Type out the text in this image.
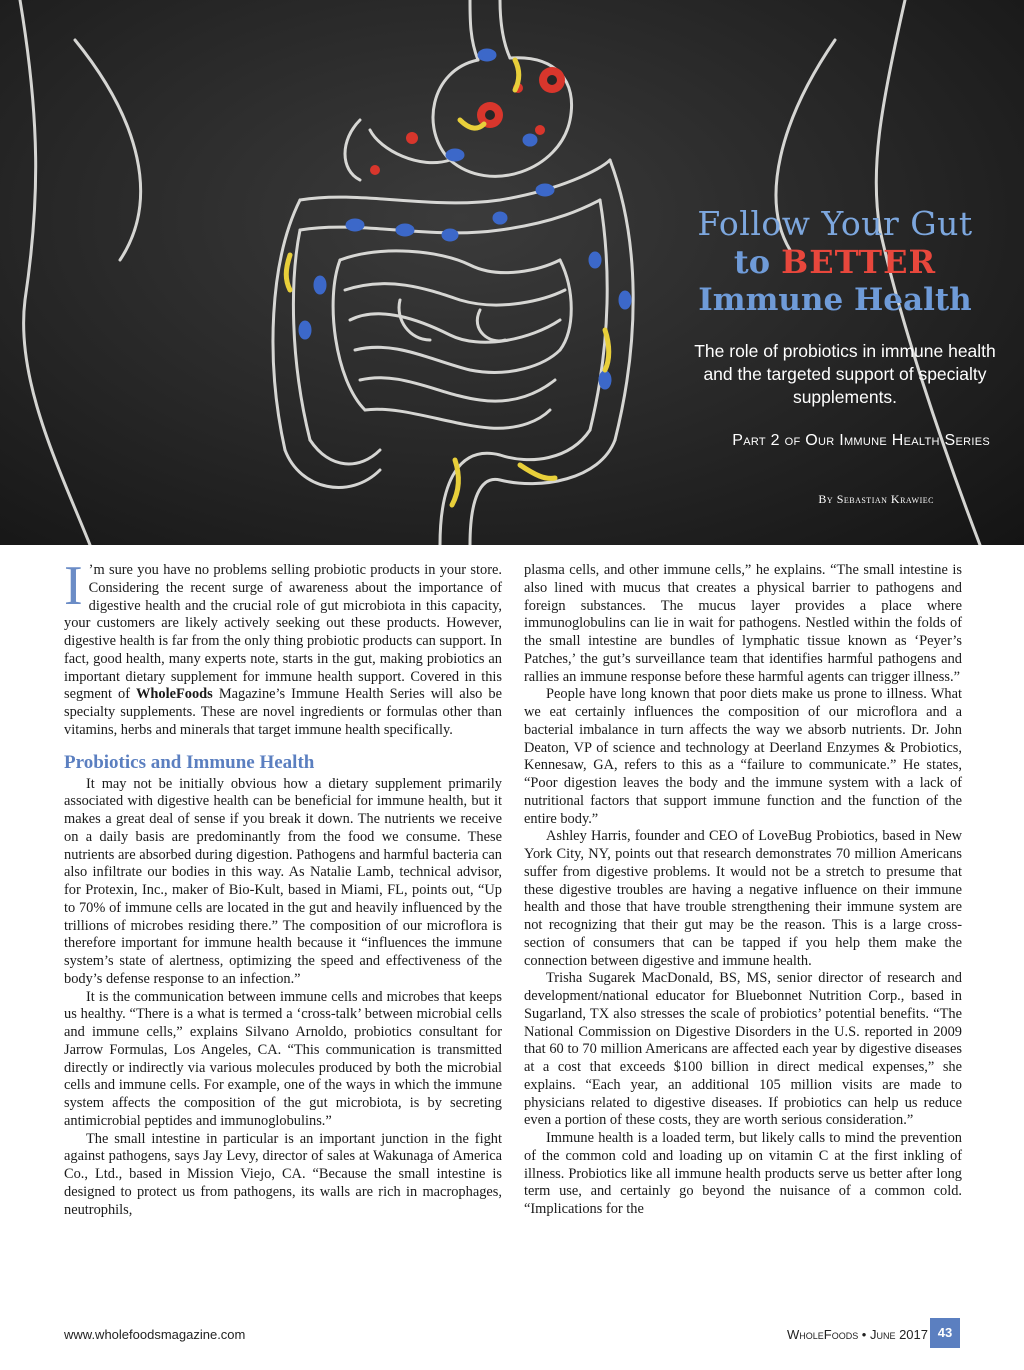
Follow Your Gut
to BETTER
Immune Health
The role of probiotics in immune health and the targeted support of specialty supplements.
Part 2 of Our Immune Health Series
By Sebastian Krawiec

I ’m sure you have no problems selling probiotic products in your store. Considering the recent surge of awareness about the importance of digestive health and the crucial role of gut microbiota in this capacity, your customers are likely actively seeking out these products. However, digestive health is far from the only thing probiotic products can support. In fact, good health, many experts note, starts in the gut, making probiotics an important dietary supplement for immune health support. Covered in this segment of WholeFoods Magazine’s Immune Health Series will also be specialty supplements. These are novel ingredients or formulas other than vitamins, herbs and minerals that target immune health specifically.

Probiotics and Immune Health

It may not be initially obvious how a dietary supplement primarily associated with digestive health can be beneficial for immune health, but it makes a great deal of sense if you break it down. The nutrients we receive on a daily basis are predominantly from the food we consume. These nutrients are absorbed during digestion. Pathogens and harmful bacteria can also infiltrate our bodies in this way. As Natalie Lamb, technical advisor, for Protexin, Inc., maker of Bio-Kult, based in Miami, FL, points out, “Up to 70% of immune cells are located in the gut and heavily influenced by the trillions of microbes residing there.” The composition of our microflora is therefore important for immune health because it “influences the immune system’s state of alertness, optimizing the speed and effectiveness of the body’s defense response to an infection.”

It is the communication between immune cells and microbes that keeps us healthy. “There is a what is termed a ‘cross-talk’ between microbial cells and immune cells,” explains Silvano Arnoldo, probiotics consultant for Jarrow Formulas, Los Angeles, CA. “This communication is transmitted directly or indirectly via various molecules produced by both the microbial cells and immune cells. For example, one of the ways in which the immune system affects the composition of the gut microbiota, is by secreting antimicrobial peptides and immunoglobulins.”

The small intestine in particular is an important junction in the fight against pathogens, says Jay Levy, director of sales at Wakunaga of America Co., Ltd., based in Mission Viejo, CA. “Because the small intestine is designed to protect us from pathogens, its walls are rich in macrophages, neutrophils,

plasma cells, and other immune cells,” he explains. “The small intestine is also lined with mucus that creates a physical barrier to pathogens and foreign substances. The mucus layer provides a place where immunoglobulins can lie in wait for pathogens. Nestled within the folds of the small intestine are bundles of lymphatic tissue known as ‘Peyer’s Patches,’ the gut’s surveillance team that identifies harmful pathogens and rallies an immune response before these harmful agents can trigger illness.”

People have long known that poor diets make us prone to illness. What we eat certainly influences the composition of our microflora and a bacterial imbalance in turn affects the way we absorb nutrients. Dr. John Deaton, VP of science and technology at Deerland Enzymes & Probiotics, Kennesaw, GA, refers to this as a “failure to communicate.” He states, “Poor digestion leaves the body and the immune system with a lack of nutritional factors that support immune function and the function of the entire body.”

Ashley Harris, founder and CEO of LoveBug Probiotics, based in New York City, NY, points out that research demonstrates 70 million Americans suffer from digestive problems. It would not be a stretch to presume that these digestive troubles are having a negative influence on their immune health and those that have trouble strengthening their immune system are not recognizing that their gut may be the reason. This is a large cross-section of consumers that can be tapped if you help them make the connection between digestive and immune health.

Trisha Sugarek MacDonald, BS, MS, senior director of research and development/national educator for Bluebonnet Nutrition Corp., based in Sugarland, TX also stresses the scale of probiotics’ potential benefits. “The National Commission on Digestive Disorders in the U.S. reported in 2009 that 60 to 70 million Americans are affected each year by digestive diseases at a cost that exceeds $100 billion in direct medical expenses,” she explains. “Each year, an additional 105 million visits are made to physicians related to digestive diseases. If probiotics can help us reduce even a portion of these costs, they are worth serious consideration.”

Immune health is a loaded term, but likely calls to mind the prevention of the common cold and loading up on vitamin C at the first inkling of illness. Probiotics like all immune health products serve us better after long term use, and certainly go beyond the nuisance of a common cold. “Implications for the

www.wholefoodsmagazine.com	WholeFoods • June 2017 43
